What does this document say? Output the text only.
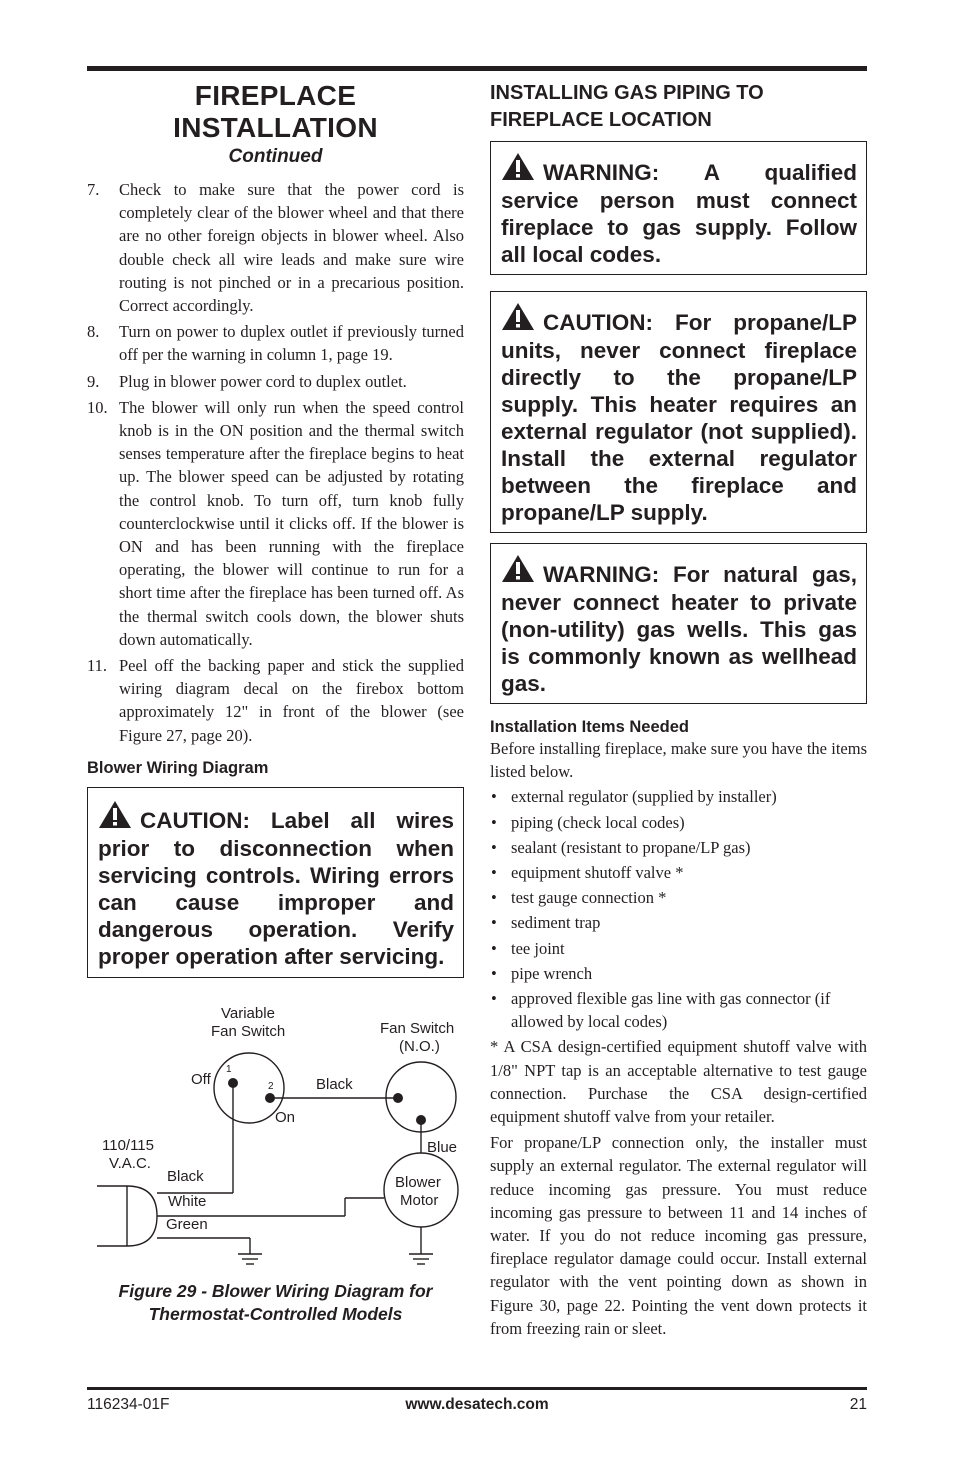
FIREPLACE
INSTALLATION
Continued
7. Check to make sure that the power cord is completely clear of the blower wheel and that there are no other foreign objects in blower wheel. Also double check all wire leads and make sure wire routing is not pinched or in a precarious position. Correct accordingly.
8. Turn on power to duplex outlet if previously turned off per the warning in column 1, page 19.
9. Plug in blower power cord to duplex outlet.
10. The blower will only run when the speed control knob is in the ON position and the thermal switch senses temperature after the fireplace begins to heat up. The blower speed can be adjusted by rotating the control knob. To turn off, turn knob fully counterclockwise until it clicks off. If the blower is ON and has been running with the fireplace operating, the blower will continue to run for a short time after the fireplace has been turned off. As the thermal switch cools down, the blower shuts down automatically.
11. Peel off the backing paper and stick the supplied wiring diagram decal on the firebox bottom approximately 12" in front of the blower (see Figure 27, page 20).

Blower Wiring Diagram

CAUTION: Label all wires prior to disconnection when servicing controls. Wiring errors can cause improper and dangerous operation. Verify proper operation after servicing.
Variable
Fan Switch	Fan Switch
(N.O.)
Off
1
2	Black
On
Blue
110/115
V.A.C.
Black
White
Green
Blower
Motor
Figure 29 - Blower Wiring Diagram for
Thermostat-Controlled Models
INSTALLING GAS PIPING TO
FIREPLACE LOCATION
WARNING: A qualified service person must connect fireplace to gas supply. Follow all local codes.
CAUTION: For propane/LP units, never connect fireplace directly to the propane/LP supply. This heater requires an external regulator (not supplied). Install the external regulator between the fireplace and propane/LP supply.
WARNING: For natural gas, never connect heater to private (non-utility) gas wells. This gas is commonly known as wellhead gas.

Installation Items Needed

Before installing fireplace, make sure you have the items listed below.

• external regulator (supplied by installer)
• piping (check local codes)
• sealant (resistant to propane/LP gas)
• equipment shutoff valve *
• test gauge connection *
• sediment trap
• tee joint
• pipe wrench
• approved flexible gas line with gas connector (if allowed by local codes)

* A CSA design-certified equipment shutoff valve with 1/8" NPT tap is an acceptable alternative to test gauge connection. Purchase the CSA design-certified equipment shutoff valve from your retailer.

For propane/LP connection only, the installer must supply an external regulator. The external regulator will reduce incoming gas pressure. You must reduce incoming gas pressure to between 11 and 14 inches of water. If you do not reduce incoming gas pressure, fireplace regulator damage could occur. Install external regulator with the vent pointing down as shown in Figure 30, page 22. Pointing the vent down protects it from freezing rain or sleet.

116234-01F	www.desatech.com	21
